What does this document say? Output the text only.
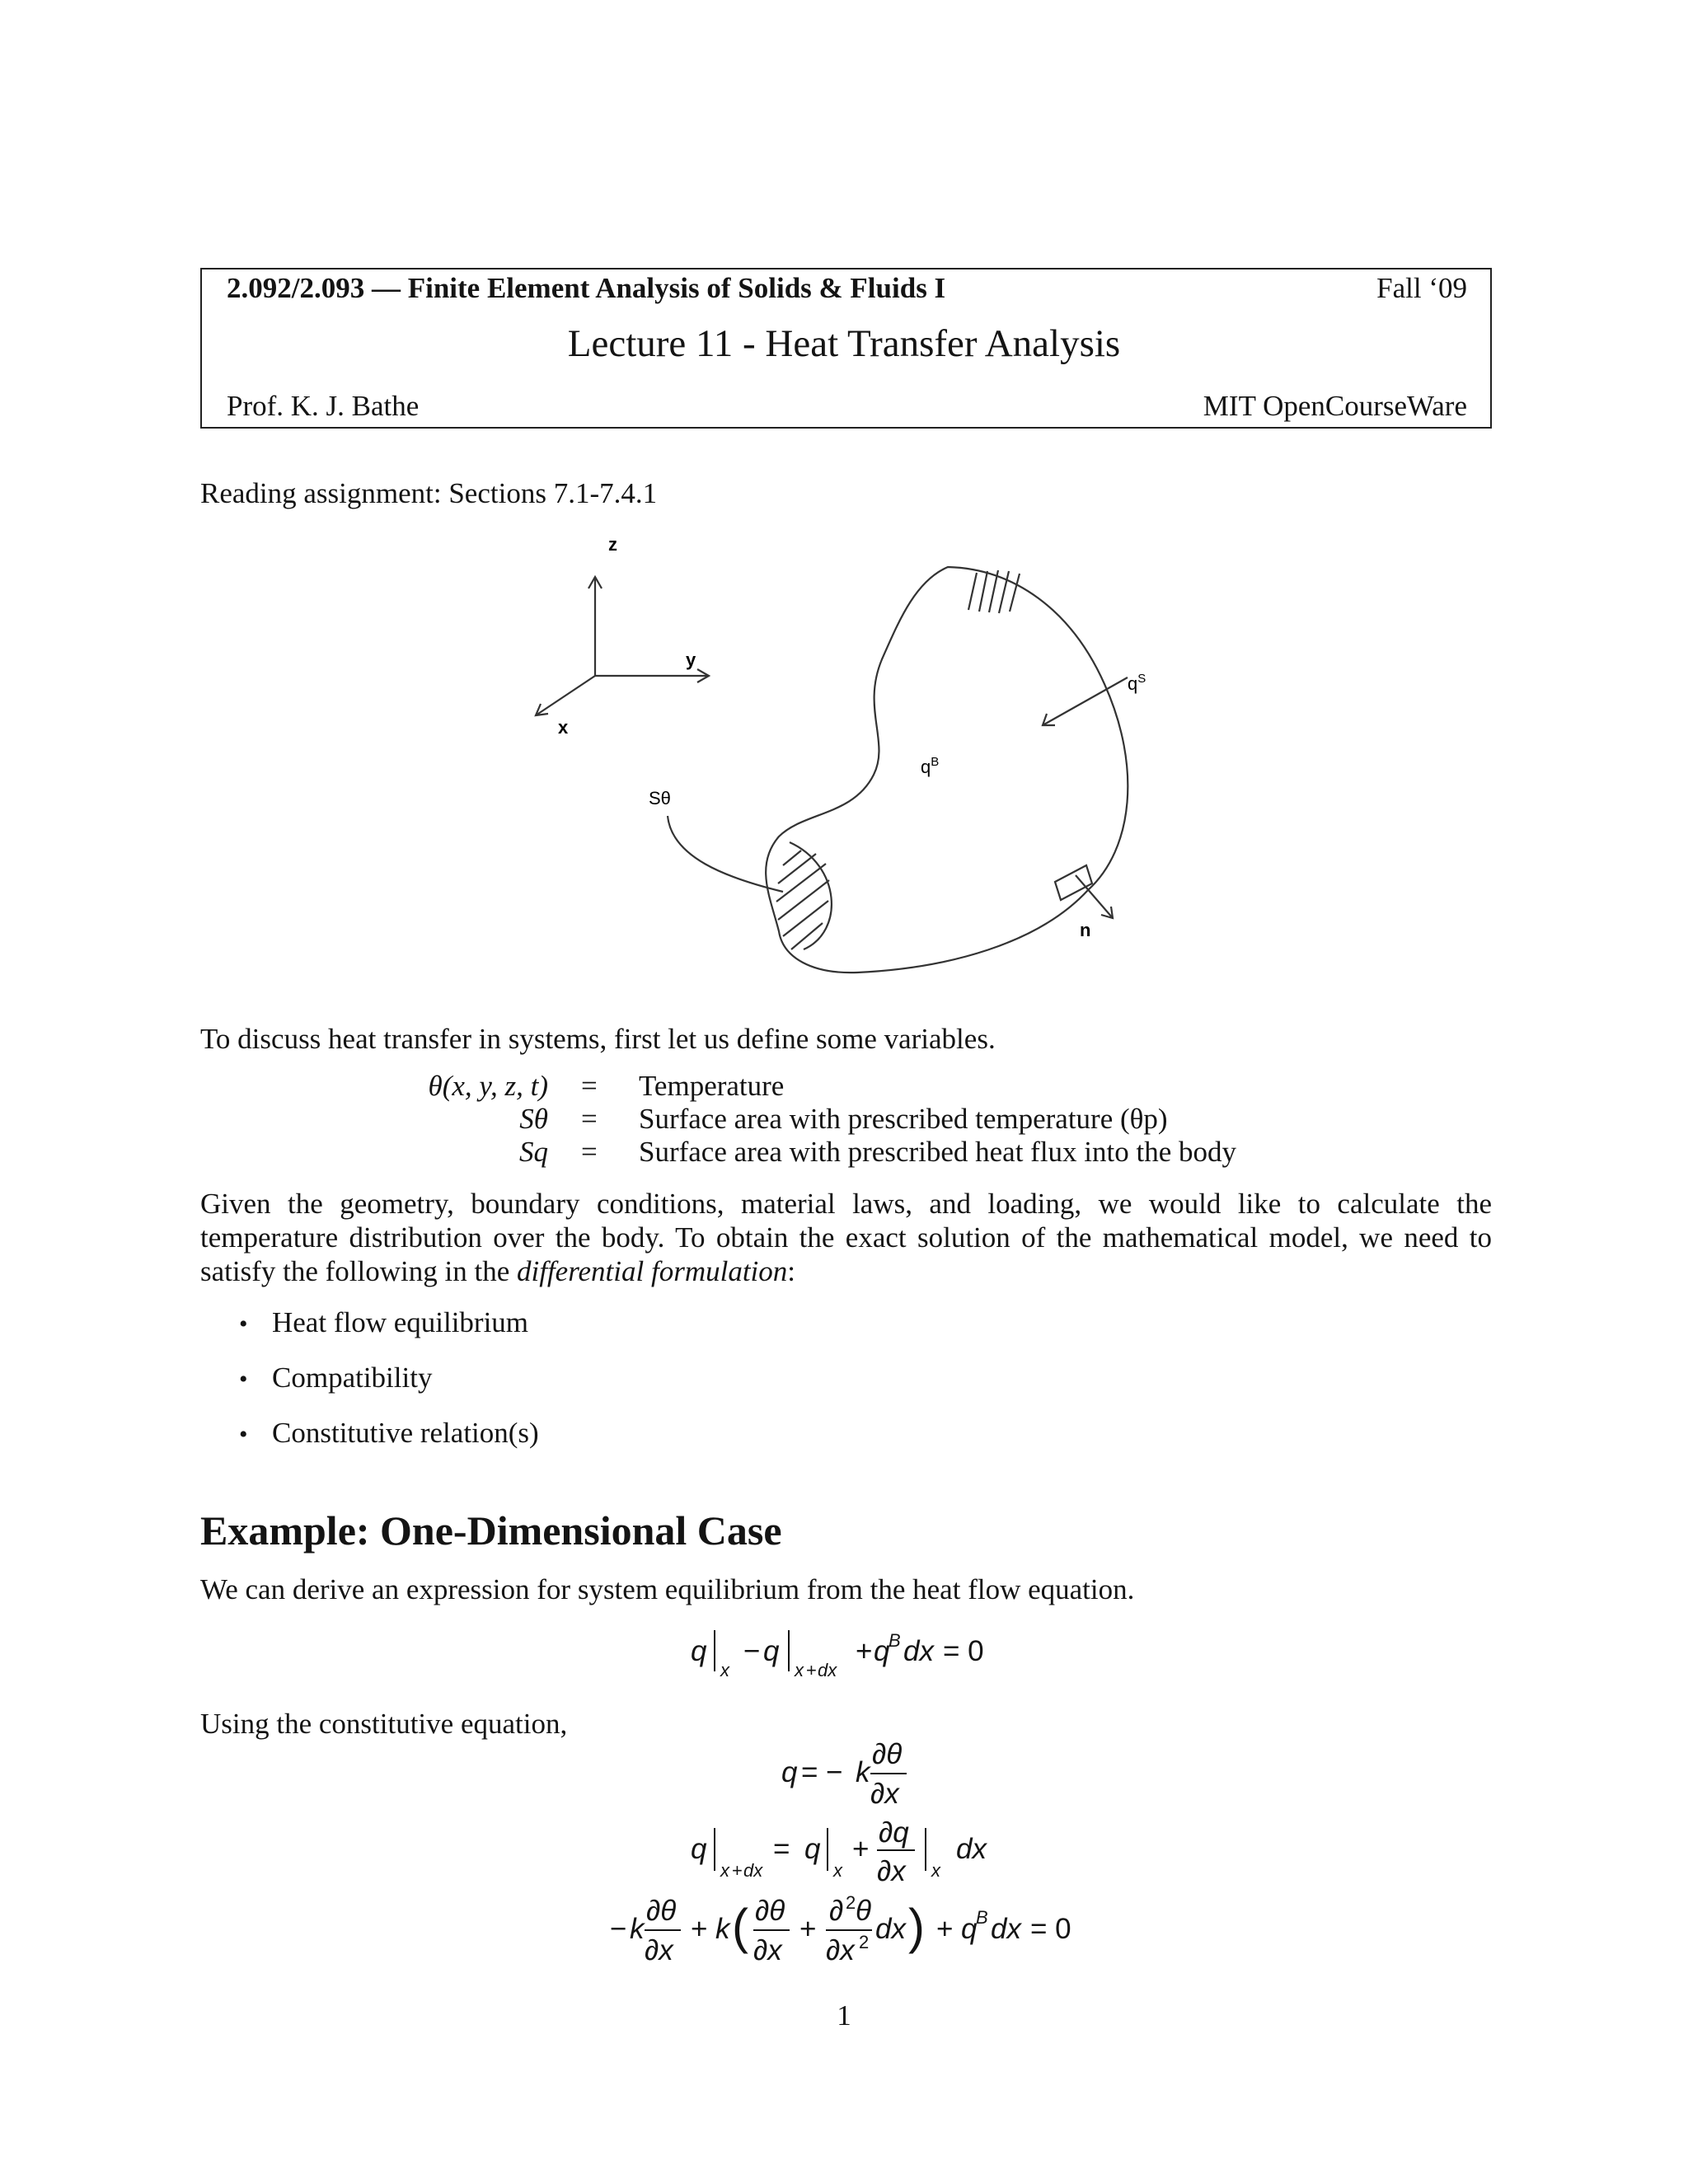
2.092/2.093 — Finite Element Analysis of Solids & Fluids I	Fall ‘09
Lecture 11 - Heat Transfer Analysis
Prof. K. J. Bathe	MIT OpenCourseWare
Reading assignment: Sections 7.1-7.4.1
z
y
x
Sθ
$q^B$
$q^S$
n
To discuss heat transfer in systems, first let us define some variables.
θ(x, y, z, t) = Temperature
Sθ = Surface area with prescribed temperature (θp)
Sq = Surface area with prescribed heat flux into the body
Given the geometry, boundary conditions, material laws, and loading, we would like to calculate the temperature distribution over the body. To obtain the exact solution of the mathematical model, we need to satisfy the following in the differential formulation:
• Heat flow equilibrium
• Compatibility
• Constitutive relation(s)
Example: One-Dimensional Case
We can derive an expression for system equilibrium from the heat flow equation.
q
x
− q
x + dx
+ q
B dx = 0
Using the constitutive equation,
q = − k
∂θ
∂x
q
x + dx
= q
x
+
∂q
∂x x
dx
− k
∂θ
∂x
+ k ( ∂θ
∂x
+
∂ 2 θ
∂x 2 dx ) + q
B dx = 0
1
